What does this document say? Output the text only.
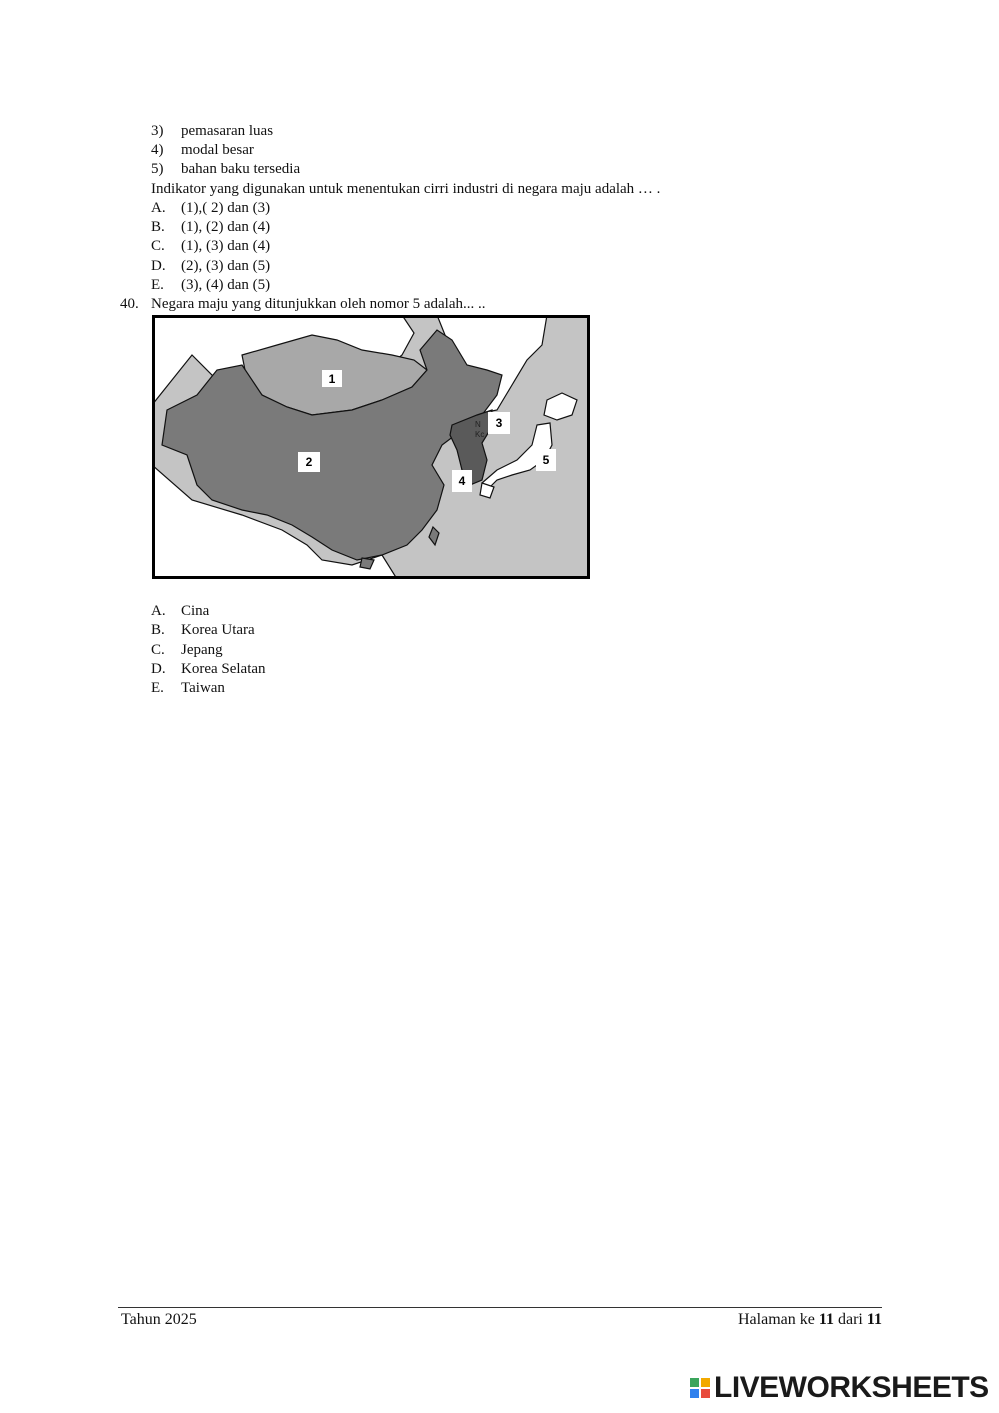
3) pemasaran luas
4) modal besar
5) bahan baku tersedia
Indikator yang digunakan untuk menentukan cirri industri di negara maju adalah … .
A. (1),( 2) dan (3)
B. (1), (2) dan (4)
C. (1), (3) dan (4)
D. (2), (3) dan (5)
E. (3), (4) dan (5)
40. Negara maju yang ditunjukkan oleh nomor 5 adalah... ..
1
2
3
4
5
N
Kc
A. Cina
B. Korea Utara
C. Jepang
D. Korea Selatan
E. Taiwan
Tahun 2025	Halaman ke 11 dari 11
LIVEWORKSHEETS
